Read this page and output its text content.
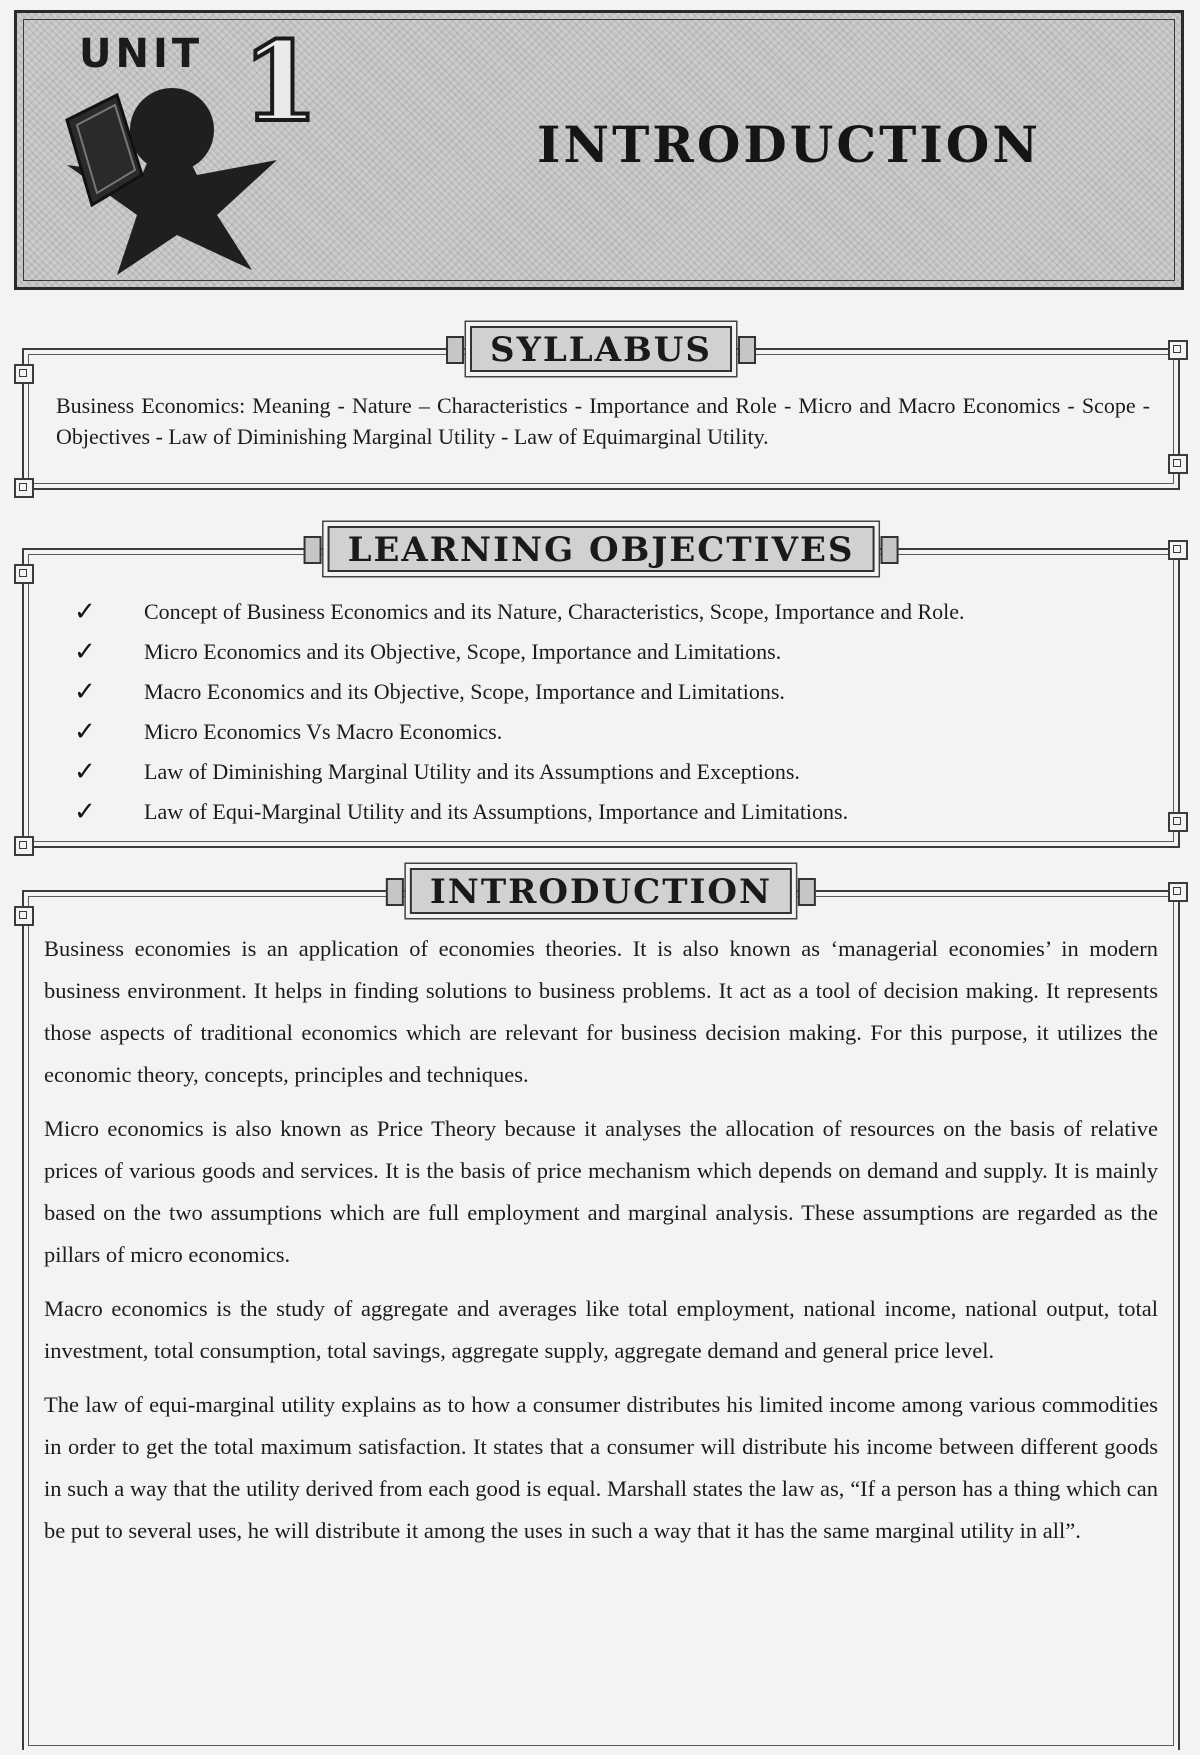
1
UNIT
INTRODUCTION
SYLLABUS
Business Economics: Meaning - Nature – Characteristics - Importance and Role - Micro and Macro Economics - Scope - Objectives - Law of Diminishing Marginal Utility - Law of Equimarginal Utility.
LEARNING OBJECTIVES
✓	Concept of Business Economics and its Nature, Characteristics, Scope, Importance and Role.
✓	Micro Economics and its Objective, Scope, Importance and Limitations.
✓	Macro Economics and its Objective, Scope, Importance and Limitations.
✓	Micro Economics Vs Macro Economics.
✓	Law of Diminishing Marginal Utility and its Assumptions and Exceptions.
✓	Law of Equi-Marginal Utility and its Assumptions, Importance and Limitations.
INTRODUCTION

Business economies is an application of economies theories. It is also known as ‘managerial economies’ in modern business environment. It helps in finding solutions to business problems. It act as a tool of decision making. It represents those aspects of traditional economics which are relevant for business decision making. For this purpose, it utilizes the economic theory, concepts, principles and techniques.

Micro economics is also known as Price Theory because it analyses the allocation of resources on the basis of relative prices of various goods and services. It is the basis of price mechanism which depends on demand and supply. It is mainly based on the two assumptions which are full employment and marginal analysis. These assumptions are regarded as the pillars of micro economics.

Macro economics is the study of aggregate and averages like total employment, national income, national output, total investment, total consumption, total savings, aggregate supply, aggregate demand and general price level.

The law of equi-marginal utility explains as to how a consumer distributes his limited income among various commodities in order to get the total maximum satisfaction. It states that a consumer will distribute his income between different goods in such a way that the utility derived from each good is equal. Marshall states the law as, “If a person has a thing which can be put to several uses, he will distribute it among the uses in such a way that it has the same marginal utility in all”.
